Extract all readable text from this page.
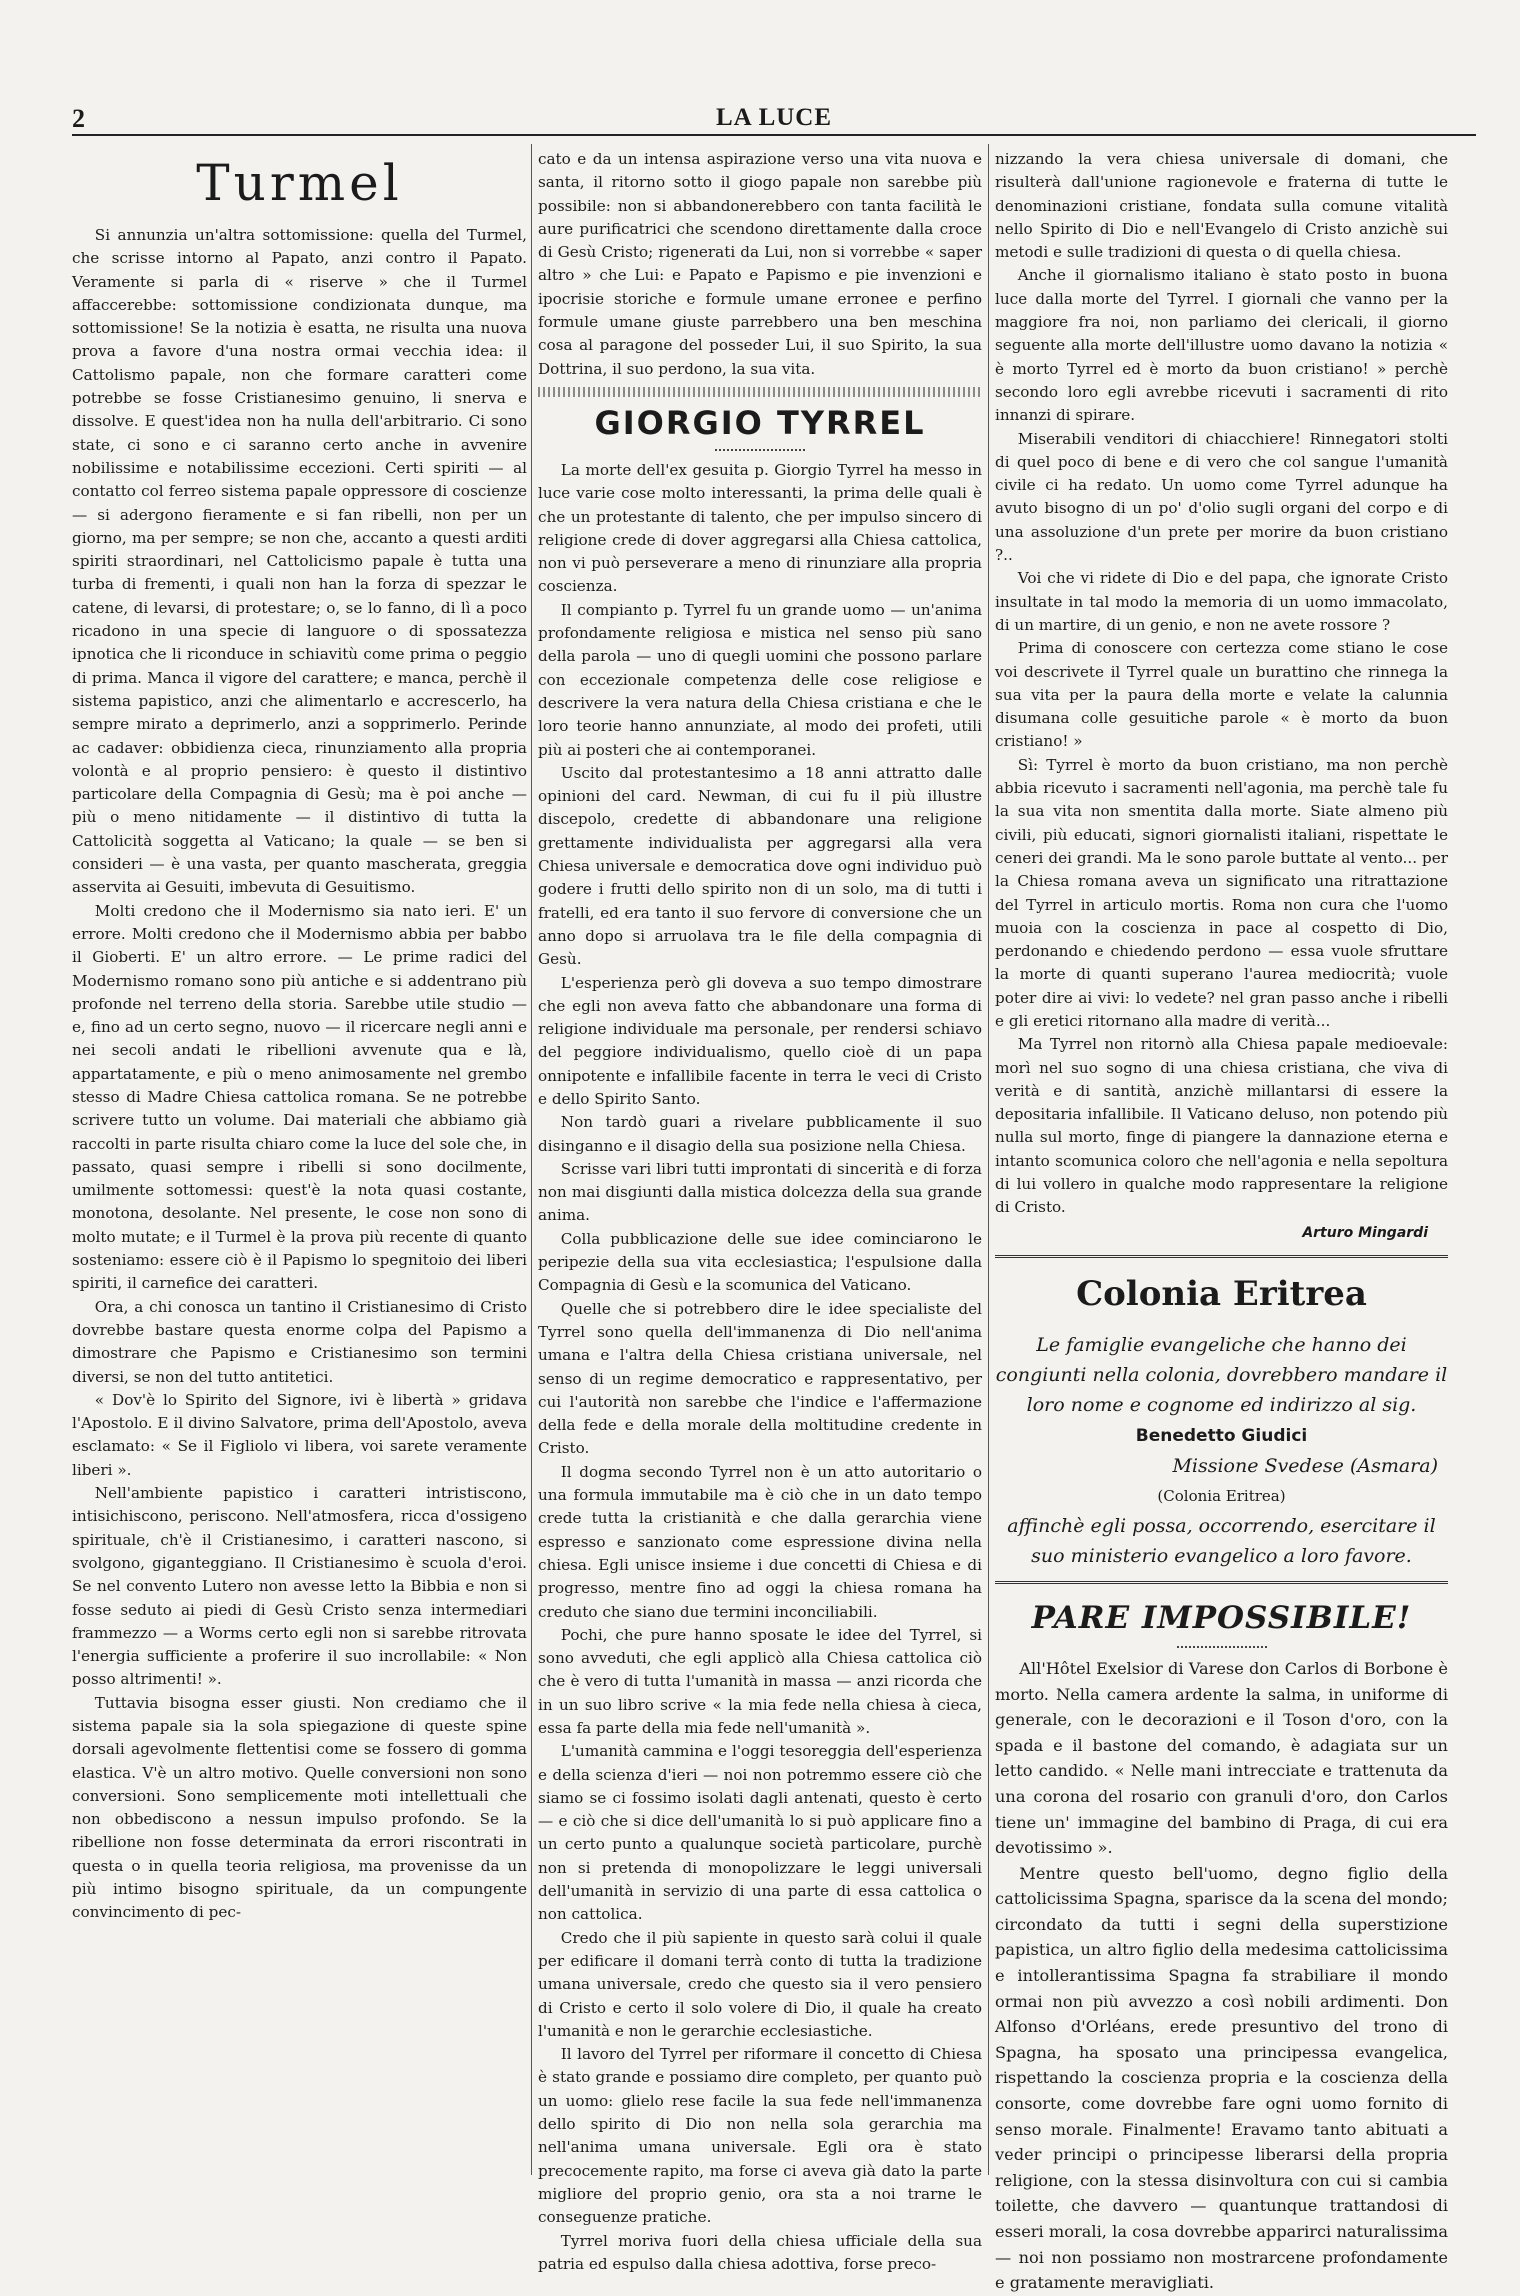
2	LA LUCE
Turmel

Si annunzia un'altra sottomissione: quella del Turmel, che scrisse intorno al Papato, anzi contro il Papato. Veramente si parla di « riserve » che il Turmel affaccerebbe: sottomissione condizionata dunque, ma sottomissione! Se la notizia è esatta, ne risulta una nuova prova a favore d'una nostra ormai vecchia idea: il Cattolismo papale, non che formare caratteri come potrebbe se fosse Cristianesimo genuino, li snerva e dissolve. E quest'idea non ha nulla dell'arbitrario. Ci sono state, ci sono e ci saranno certo anche in avvenire nobilissime e notabilissime eccezioni. Certi spiriti — al contatto col ferreo sistema papale oppressore di coscienze — si adergono fieramente e si fan ribelli, non per un giorno, ma per sempre; se non che, accanto a questi arditi spiriti straordinari, nel Cattolicismo papale è tutta una turba di frementi, i quali non han la forza di spezzar le catene, di levarsi, di protestare; o, se lo fanno, di lì a poco ricadono in una specie di languore o di spossatezza ipnotica che li riconduce in schiavitù come prima o peggio di prima. Manca il vigore del carattere; e manca, perchè il sistema papistico, anzi che alimentarlo e accrescerlo, ha sempre mirato a deprimerlo, anzi a sopprimerlo. Perinde ac cadaver: obbidienza cieca, rinunziamento alla propria volontà e al proprio pensiero: è questo il distintivo particolare della Compagnia di Gesù; ma è poi anche — più o meno nitidamente — il distintivo di tutta la Cattolicità soggetta al Vaticano; la quale — se ben si consideri — è una vasta, per quanto mascherata, greggia asservita ai Gesuiti, imbevuta di Gesuitismo.

Molti credono che il Modernismo sia nato ieri. E' un errore. Molti credono che il Modernismo abbia per babbo il Gioberti. E' un altro errore. — Le prime radici del Modernismo romano sono più antiche e si addentrano più profonde nel terreno della storia. Sarebbe utile studio — e, fino ad un certo segno, nuovo — il ricercare negli anni e nei secoli andati le ribellioni avvenute qua e là, appartatamente, e più o meno animosamente nel grembo stesso di Madre Chiesa cattolica romana. Se ne potrebbe scrivere tutto un volume. Dai materiali che abbiamo già raccolti in parte risulta chiaro come la luce del sole che, in passato, quasi sempre i ribelli si sono docilmente, umilmente sottomessi: quest'è la nota quasi costante, monotona, desolante. Nel presente, le cose non sono di molto mutate; e il Turmel è la prova più recente di quanto sosteniamo: essere ciò è il Papismo lo spegnitoio dei liberi spiriti, il carnefice dei caratteri.

Ora, a chi conosca un tantino il Cristianesimo di Cristo dovrebbe bastare questa enorme colpa del Papismo a dimostrare che Papismo e Cristianesimo son termini diversi, se non del tutto antitetici.

« Dov'è lo Spirito del Signore, ivi è libertà » gridava l'Apostolo. E il divino Salvatore, prima dell'Apostolo, aveva esclamato: « Se il Figliolo vi libera, voi sarete veramente liberi ».

Nell'ambiente papistico i caratteri intristiscono, intisichiscono, periscono. Nell'atmosfera, ricca d'ossigeno spirituale, ch'è il Cristianesimo, i caratteri nascono, si svolgono, giganteggiano. Il Cristianesimo è scuola d'eroi. Se nel convento Lutero non avesse letto la Bibbia e non si fosse seduto ai piedi di Gesù Cristo senza intermediari frammezzo — a Worms certo egli non si sarebbe ritrovata l'energia sufficiente a proferire il suo incrollabile: « Non posso altrimenti! ».

Tuttavia bisogna esser giusti. Non crediamo che il sistema papale sia la sola spiegazione di queste spine dorsali agevolmente flettentisi come se fossero di gomma elastica. V'è un altro motivo. Quelle conversioni non sono conversioni. Sono semplicemente moti intellettuali che non obbediscono a nessun impulso profondo. Se la ribellione non fosse determinata da errori riscontrati in questa o in quella teoria religiosa, ma provenisse da un più intimo bisogno spirituale, da un compungente convincimento di pec-

cato e da un intensa aspirazione verso una vita nuova e santa, il ritorno sotto il giogo papale non sarebbe più possibile: non si abbandonerebbero con tanta facilità le aure purificatrici che scendono direttamente dalla croce di Gesù Cristo; rigenerati da Lui, non si vorrebbe « saper altro » che Lui: e Papato e Papismo e pie invenzioni e ipocrisie storiche e formule umane erronee e perfino formule umane giuste parrebbero una ben meschina cosa al paragone del posseder Lui, il suo Spirito, la sua Dottrina, il suo perdono, la sua vita.

GIORGIO TYRREL

La morte dell'ex gesuita p. Giorgio Tyrrel ha messo in luce varie cose molto interessanti, la prima delle quali è che un protestante di talento, che per impulso sincero di religione crede di dover aggregarsi alla Chiesa cattolica, non vi può perseverare a meno di rinunziare alla propria coscienza.

Il compianto p. Tyrrel fu un grande uomo — un'anima profondamente religiosa e mistica nel senso più sano della parola — uno di quegli uomini che possono parlare con eccezionale competenza delle cose religiose e descrivere la vera natura della Chiesa cristiana e che le loro teorie hanno annunziate, al modo dei profeti, utili più ai posteri che ai contemporanei.

Uscito dal protestantesimo a 18 anni attratto dalle opinioni del card. Newman, di cui fu il più illustre discepolo, credette di abbandonare una religione grettamente individualista per aggregarsi alla vera Chiesa universale e democratica dove ogni individuo può godere i frutti dello spirito non di un solo, ma di tutti i fratelli, ed era tanto il suo fervore di conversione che un anno dopo si arruolava tra le file della compagnia di Gesù.

L'esperienza però gli doveva a suo tempo dimostrare che egli non aveva fatto che abbandonare una forma di religione individuale ma personale, per rendersi schiavo del peggiore individualismo, quello cioè di un papa onnipotente e infallibile facente in terra le veci di Cristo e dello Spirito Santo.

Non tardò guari a rivelare pubblicamente il suo disinganno e il disagio della sua posizione nella Chiesa.

Scrisse vari libri tutti improntati di sincerità e di forza non mai disgiunti dalla mistica dolcezza della sua grande anima.

Colla pubblicazione delle sue idee cominciarono le peripezie della sua vita ecclesiastica; l'espulsione dalla Compagnia di Gesù e la scomunica del Vaticano.

Quelle che si potrebbero dire le idee specialiste del Tyrrel sono quella dell'immanenza di Dio nell'anima umana e l'altra della Chiesa cristiana universale, nel senso di un regime democratico e rappresentativo, per cui l'autorità non sarebbe che l'indice e l'affermazione della fede e della morale della moltitudine credente in Cristo.

Il dogma secondo Tyrrel non è un atto autoritario o una formula immutabile ma è ciò che in un dato tempo crede tutta la cristianità e che dalla gerarchia viene espresso e sanzionato come espressione divina nella chiesa. Egli unisce insieme i due concetti di Chiesa e di progresso, mentre fino ad oggi la chiesa romana ha creduto che siano due termini inconciliabili.

Pochi, che pure hanno sposate le idee del Tyrrel, si sono avveduti, che egli applicò alla Chiesa cattolica ciò che è vero di tutta l'umanità in massa — anzi ricorda che in un suo libro scrive « la mia fede nella chiesa à cieca, essa fa parte della mia fede nell'umanità ».

L'umanità cammina e l'oggi tesoreggia dell'esperienza e della scienza d'ieri — noi non potremmo essere ciò che siamo se ci fossimo isolati dagli antenati, questo è certo — e ciò che si dice dell'umanità lo si può applicare fino a un certo punto a qualunque società particolare, purchè non si pretenda di monopolizzare le leggi universali dell'umanità in servizio di una parte di essa cattolica o non cattolica.

Credo che il più sapiente in questo sarà colui il quale per edificare il domani terrà conto di tutta la tradizione umana universale, credo che questo sia il vero pensiero di Cristo e certo il solo volere di Dio, il quale ha creato l'umanità e non le gerarchie ecclesiastiche.

Il lavoro del Tyrrel per riformare il concetto di Chiesa è stato grande e possiamo dire completo, per quanto può un uomo: glielo rese facile la sua fede nell'immanenza dello spirito di Dio non nella sola gerarchia ma nell'anima umana universale. Egli ora è stato precocemente rapito, ma forse ci aveva già dato la parte migliore del proprio genio, ora sta a noi trarne le conseguenze pratiche.

Tyrrel moriva fuori della chiesa ufficiale della sua patria ed espulso dalla chiesa adottiva, forse preco-

nizzando la vera chiesa universale di domani, che risulterà dall'unione ragionevole e fraterna di tutte le denominazioni cristiane, fondata sulla comune vitalità nello Spirito di Dio e nell'Evangelo di Cristo anzichè sui metodi e sulle tradizioni di questa o di quella chiesa.

Anche il giornalismo italiano è stato posto in buona luce dalla morte del Tyrrel. I giornali che vanno per la maggiore fra noi, non parliamo dei clericali, il giorno seguente alla morte dell'illustre uomo davano la notizia « è morto Tyrrel ed è morto da buon cristiano! » perchè secondo loro egli avrebbe ricevuti i sacramenti di rito innanzi di spirare.

Miserabili venditori di chiacchiere! Rinnegatori stolti di quel poco di bene e di vero che col sangue l'umanità civile ci ha redato. Un uomo come Tyrrel adunque ha avuto bisogno di un po' d'olio sugli organi del corpo e di una assoluzione d'un prete per morire da buon cristiano ?..

Voi che vi ridete di Dio e del papa, che ignorate Cristo insultate in tal modo la memoria di un uomo immacolato, di un martire, di un genio, e non ne avete rossore ?

Prima di conoscere con certezza come stiano le cose voi descrivete il Tyrrel quale un burattino che rinnega la sua vita per la paura della morte e velate la calunnia disumana colle gesuitiche parole « è morto da buon cristiano! »

Sì: Tyrrel è morto da buon cristiano, ma non perchè abbia ricevuto i sacramenti nell'agonia, ma perchè tale fu la sua vita non smentita dalla morte. Siate almeno più civili, più educati, signori giornalisti italiani, rispettate le ceneri dei grandi. Ma le sono parole buttate al vento... per la Chiesa romana aveva un significato una ritrattazione del Tyrrel in articulo mortis. Roma non cura che l'uomo muoia con la coscienza in pace al cospetto di Dio, perdonando e chiedendo perdono — essa vuole sfruttare la morte di quanti superano l'aurea mediocrità; vuole poter dire ai vivi: lo vedete? nel gran passo anche i ribelli e gli eretici ritornano alla madre di verità...

Ma Tyrrel non ritornò alla Chiesa papale medioevale: morì nel suo sogno di una chiesa cristiana, che viva di verità e di santità, anzichè millantarsi di essere la depositaria infallibile. Il Vaticano deluso, non potendo più nulla sul morto, finge di piangere la dannazione eterna e intanto scomunica coloro che nell'agonia e nella sepoltura di lui vollero in qualche modo rappresentare la religione di Cristo.

Arturo Mingardi
Colonia Eritrea
Le famiglie evangeliche che hanno dei congiunti nella colonia, dovrebbero mandare il loro nome e cognome ed indirizzo al sig. Benedetto Giudici
Missione Svedese (Asmara)
(Colonia Eritrea)
affinchè egli possa, occorrendo, esercitare il suo ministerio evangelico a loro favore.
PARE IMPOSSIBILE!

All'Hôtel Exelsior di Varese don Carlos di Borbone è morto. Nella camera ardente la salma, in uniforme di generale, con le decorazioni e il Toson d'oro, con la spada e il bastone del comando, è adagiata sur un letto candido. « Nelle mani intrecciate e trattenuta da una corona del rosario con granuli d'oro, don Carlos tiene un' immagine del bambino di Praga, di cui era devotissimo ».

Mentre questo bell'uomo, degno figlio della cattolicissima Spagna, sparisce da la scena del mondo; circondato da tutti i segni della superstizione papistica, un altro figlio della medesima cattolicissima e intollerantissima Spagna fa strabiliare il mondo ormai non più avvezzo a così nobili ardimenti. Don Alfonso d'Orléans, erede presuntivo del trono di Spagna, ha sposato una principessa evangelica, rispettando la coscienza propria e la coscienza della consorte, come dovrebbe fare ogni uomo fornito di senso morale. Finalmente! Eravamo tanto abituati a veder principi o principesse liberarsi della propria religione, con la stessa disinvoltura con cui si cambia toilette, che davvero — quantunque trattandosi di esseri morali, la cosa dovrebbe apparirci naturalissima — noi non possiamo non mostrarcene profondamente e gratamente meravigliati.
